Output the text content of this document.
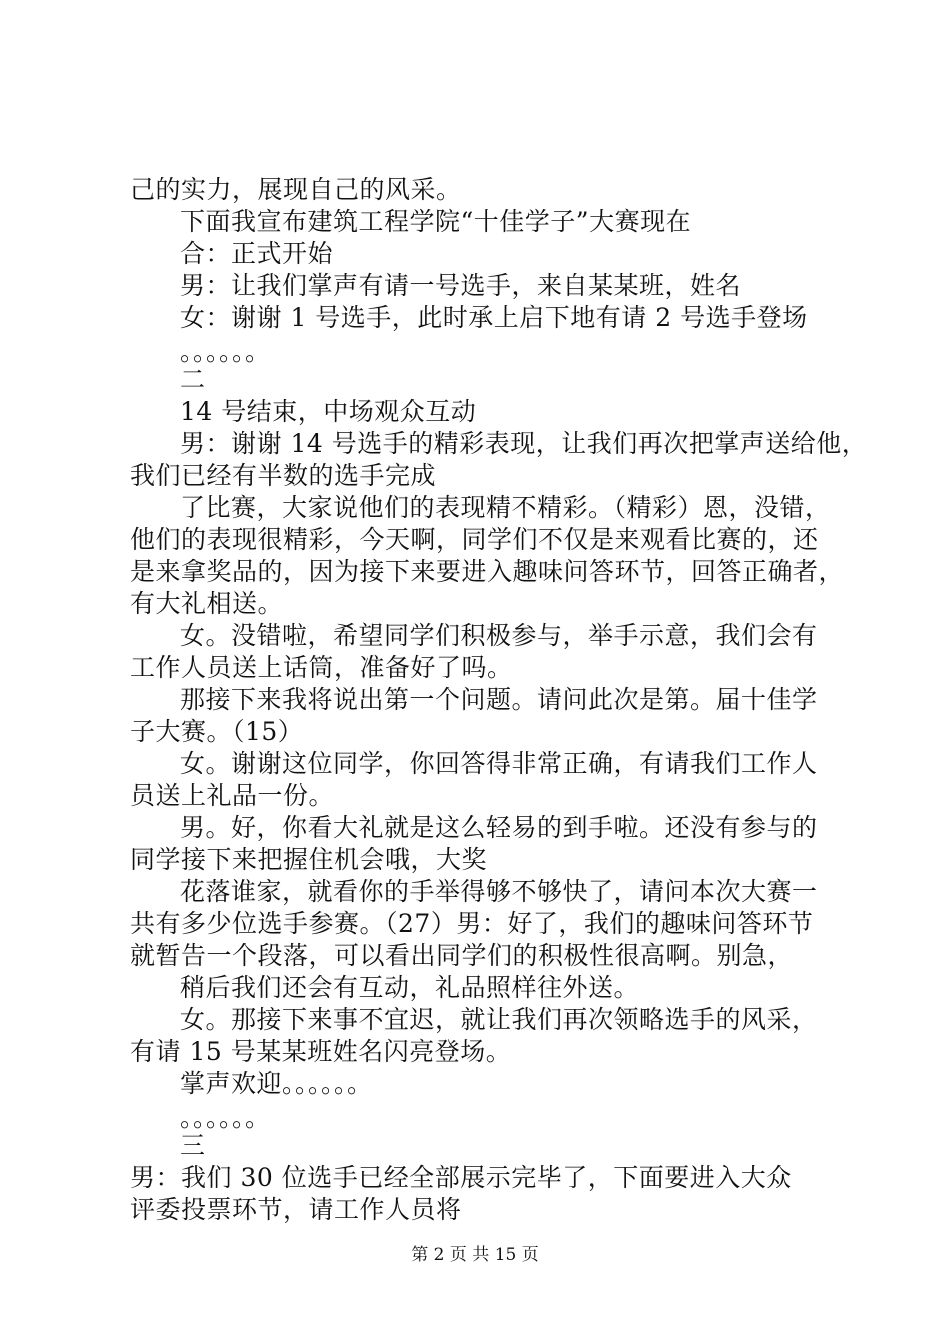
己的实力，展现自己的风采。
下面我宣布建筑工程学院“十佳学子”大赛现在
合：正式开始
男：让我们掌声有请一号选手，来自某某班，姓名
女：谢谢 1 号选手，此时承上启下地有请 2 号选手登场
。。。。。。
二
14 号结束，中场观众互动
男：谢谢 14 号选手的精彩表现，让我们再次把掌声送给他，
我们已经有半数的选手完成
了比赛，大家说他们的表现精不精彩。（精彩）恩，没错，
他们的表现很精彩，今天啊，同学们不仅是来观看比赛的，还
是来拿奖品的，因为接下来要进入趣味问答环节，回答正确者，
有大礼相送。
女。没错啦，希望同学们积极参与，举手示意，我们会有
工作人员送上话筒，准备好了吗。
那接下来我将说出第一个问题。请问此次是第。届十佳学
子大赛。（15）
女。谢谢这位同学，你回答得非常正确，有请我们工作人
员送上礼品一份。
男。好，你看大礼就是这么轻易的到手啦。还没有参与的
同学接下来把握住机会哦，大奖
花落谁家，就看你的手举得够不够快了，请问本次大赛一
共有多少位选手参赛。（27）男：好了，我们的趣味问答环节
就暂告一个段落，可以看出同学们的积极性很高啊。别急，
稍后我们还会有互动，礼品照样往外送。
女。那接下来事不宜迟，就让我们再次领略选手的风采，
有请 15 号某某班姓名闪亮登场。
掌声欢迎。。。。。。
。。。。。。
三
男：我们 30 位选手已经全部展示完毕了，下面要进入大众
评委投票环节，请工作人员将
第 2 页 共 15 页
